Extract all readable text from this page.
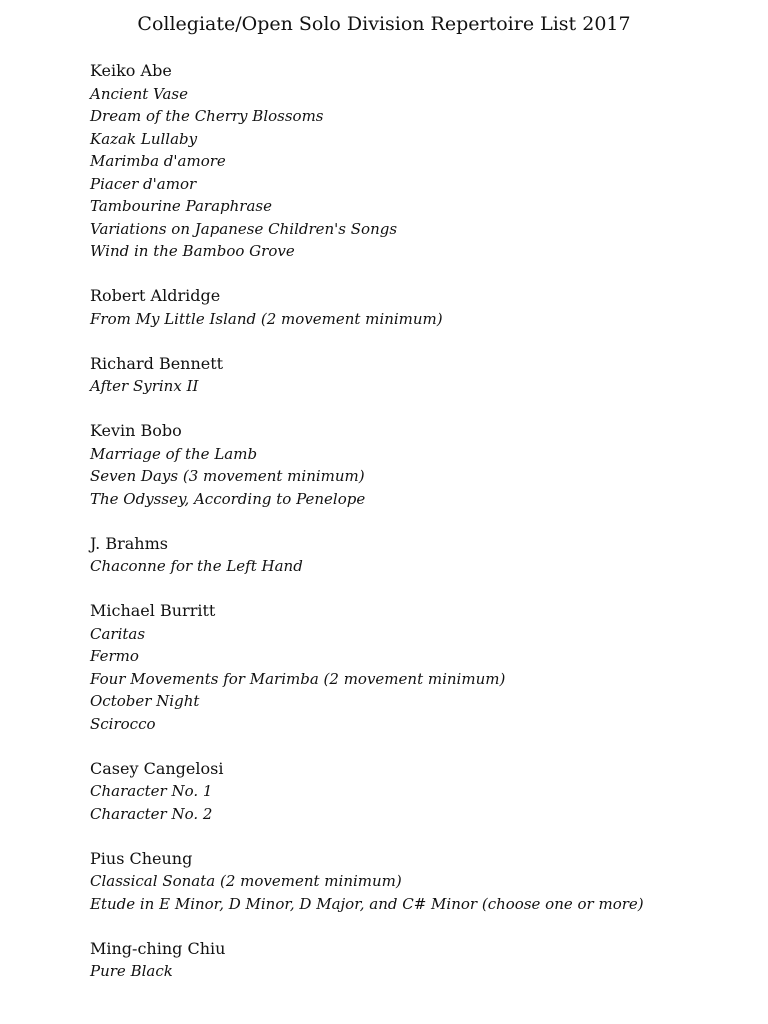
Collegiate/Open Solo Division Repertoire List 2017
Keiko Abe
Ancient Vase
Dream of the Cherry Blossoms
Kazak Lullaby
Marimba d'amore
Piacer d'amor
Tambourine Paraphrase
Variations on Japanese Children's Songs
Wind in the Bamboo Grove
Robert Aldridge
From My Little Island (2 movement minimum)
Richard Bennett
After Syrinx II
Kevin Bobo
Marriage of the Lamb
Seven Days (3 movement minimum)
The Odyssey, According to Penelope
J. Brahms
Chaconne for the Left Hand
Michael Burritt
Caritas
Fermo
Four Movements for Marimba (2 movement minimum)
October Night
Scirocco
Casey Cangelosi
Character No. 1
Character No. 2
Pius Cheung
Classical Sonata (2 movement minimum)
Etude in E Minor, D Minor, D Major, and C# Minor (choose one or more)
Ming-ching Chiu
Pure Black
